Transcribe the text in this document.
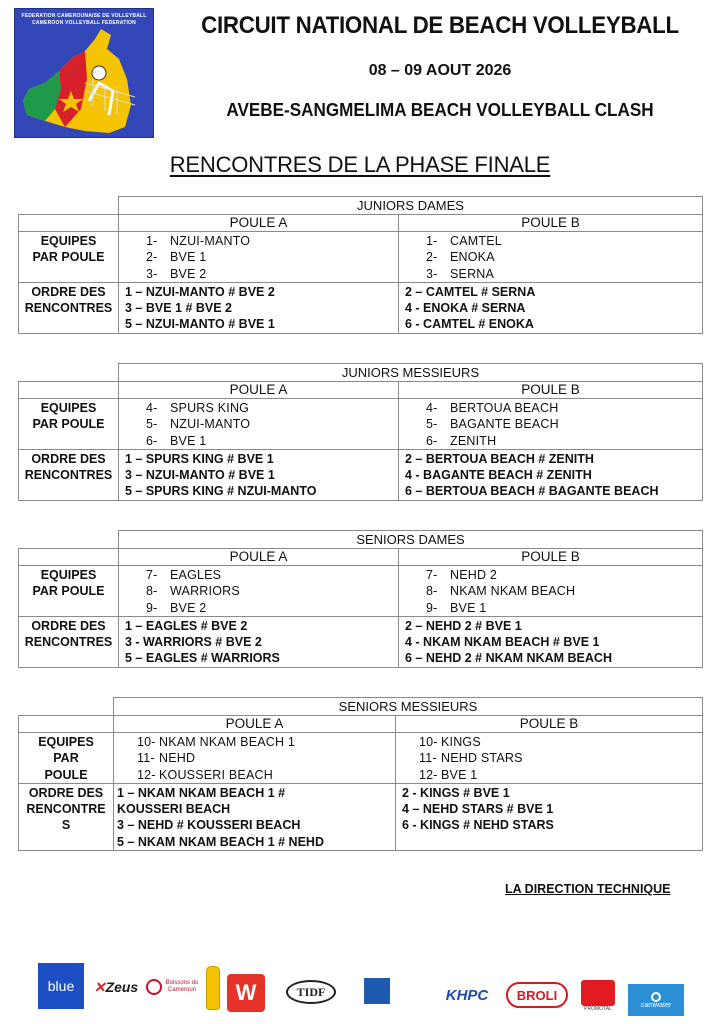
FEDERATION CAMEROUNAISE DE VOLLEYBALL
CAMEROON VOLLEYBALL FEDERATION	CIRCUIT NATIONAL DE BEACH VOLLEYBALL
08 – 09 AOUT 2026
AVEBE-SANGMELIMA BEACH VOLLEYBALL CLASH
RENCONTRES DE LA PHASE FINALE
	JUNIORS DAMES	
	POULE A	POULE B

EQUIPES
PAR POULE	1- NZUI-MANTO
2- BVE 1
3- BVE 2	1- CAMTEL
2- ENOKA
3- SERNA

ORDRE DES
RENCONTRES	1 – NZUI-MANTO # BVE 2
3 – BVE 1 # BVE 2
5 – NZUI-MANTO # BVE 1	2 – CAMTEL # SERNA
4 - ENOKA # SERNA
6 - CAMTEL # ENOKA
	JUNIORS MESSIEURS	
	POULE A	POULE B

EQUIPES
PAR POULE	4- SPURS KING
5- NZUI-MANTO
6- BVE 1	4- BERTOUA BEACH
5- BAGANTE BEACH
6- ZENITH

ORDRE DES
RENCONTRES	1 – SPURS KING # BVE 1
3 – NZUI-MANTO # BVE 1
5 – SPURS KING # NZUI-MANTO	2 – BERTOUA BEACH # ZENITH
4 - BAGANTE BEACH # ZENITH
6 – BERTOUA BEACH # BAGANTE BEACH
	SENIORS DAMES	
	POULE A	POULE B

EQUIPES
PAR POULE	7- EAGLES
8- WARRIORS
9- BVE 2	7- NEHD 2
8- NKAM NKAM BEACH
9- BVE 1

ORDRE DES
RENCONTRES	1 – EAGLES # BVE 2
3 - WARRIORS # BVE 2
5 – EAGLES # WARRIORS	2 – NEHD 2 # BVE 1
4 - NKAM NKAM BEACH # BVE 1
6 – NEHD 2 # NKAM NKAM BEACH
	SENIORS MESSIEURS	
	POULE A	POULE B

EQUIPES
PAR
POULE	10- NKAM NKAM BEACH 1
11- NEHD
12- KOUSSERI BEACH	10- KINGS
11- NEHD STARS
12- BVE 1

ORDRE DES
RENCONTRE
S	1 – NKAM NKAM BEACH 1 # KOUSSERI BEACH
3 – NEHD # KOUSSERI BEACH
5 – NKAM NKAM BEACH 1 # NEHD	2 - KINGS # BVE 1
4 – NEHD STARS # BVE 1
6 - KINGS # NEHD STARS
LA DIRECTION TECHNIQUE
blue ✕ Zeus	Boissons du Cameroun W	TIDF	KHPC BROLI
PROMOTAL
camwater
